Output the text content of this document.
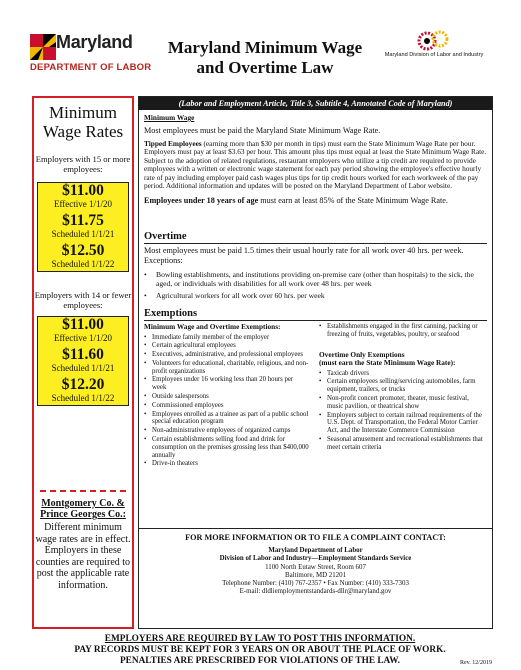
Maryland
DEPARTMENT OF LABOR
Maryland Minimum Wage and Overtime Law
Maryland Division of Labor and Industry
Minimum Wage Rates
Employers with 15 or more employees:
$11.00
Effective 1/1/20
$11.75
Scheduled 1/1/21
$12.50
Scheduled 1/1/22
Employers with 14 or fewer employees:
$11.00
Effective 1/1/20
$11.60
Scheduled 1/1/21
$12.20
Scheduled 1/1/22
Montgomery Co. & Prince Georges Co.:
Different minimum wage rates are in effect. Employers in these counties are required to post the applicable rate information.
(Labor and Employment Article, Title 3, Subtitle 4, Annotated Code of Maryland)
Minimum Wage
Most employees must be paid the Maryland State Minimum Wage Rate.
Tipped Employees (earning more than $30 per month in tips) must earn the State Minimum Wage Rate per hour. Employers must pay at least $3.63 per hour. This amount plus tips must equal at least the State Minimum Wage Rate. Subject to the adoption of related regulations, restaurant employers who utilize a tip credit are required to provide employees with a written or electronic wage statement for each pay period showing the employee's effective hourly rate of pay including employer paid cash wages plus tips for tip credit hours worked for each workweek of the pay period. Additional information and updates will be posted on the Maryland Department of Labor website.
Employees under 18 years of age must earn at least 85% of the State Minimum Wage Rate.
Overtime
Most employees must be paid 1.5 times their usual hourly rate for all work over 40 hrs. per week. Exceptions:
• Bowling establishments, and institutions providing on-premise care (other than hospitals) to the sick, the aged, or individuals with disabilities for all work over 48 hrs. per week
• Agricultural workers for all work over 60 hrs. per week
Exemptions
Minimum Wage and Overtime Exemptions:
• Immediate family member of the employer
• Certain agricultural employees
• Executives, administrative, and professional employees
• Volunteers for educational, charitable, religious, and non-profit organizations
• Employees under 16 working less than 20 hours per week
• Outside salespersons
• Commissioned employees
• Employees enrolled as a trainee as part of a public school special education program
• Non-administrative employees of organized camps
• Certain establishments selling food and drink for consumption on the premises grossing less than $400,000 annually
• Drive-in theaters
• Establishments engaged in the first canning, packing or freezing of fruits, vegetables, poultry, or seafood
Overtime Only Exemptions
(must earn the State Minimum Wage Rate):
• Taxicab drivers
• Certain employees selling/servicing automobiles, farm equipment, trailers, or trucks
• Non-profit concert promoter, theater, music festival, music pavilion, or theatrical show
• Employers subject to certain railroad requirements of the U.S. Dept. of Transportation, the Federal Motor Carrier Act, and the Interstate Commerce Commission
• Seasonal amusement and recreational establishments that meet certain criteria
FOR MORE INFORMATION OR TO FILE A COMPLAINT CONTACT:
Maryland Department of Labor
Division of Labor and Industry—Employment Standards Service
1100 North Eutaw Street, Room 607
Baltimore, MD 21201
Telephone Number: (410) 767-2357 • Fax Number: (410) 333-7303
E-mail: dldliemploymentstandards-dllr@maryland.gov
EMPLOYERS ARE REQUIRED BY LAW TO POST THIS INFORMATION.
PAY RECORDS MUST BE KEPT FOR 3 YEARS ON OR ABOUT THE PLACE OF WORK.
PENALTIES ARE PRESCRIBED FOR VIOLATIONS OF THE LAW.	Rev. 12/2019
